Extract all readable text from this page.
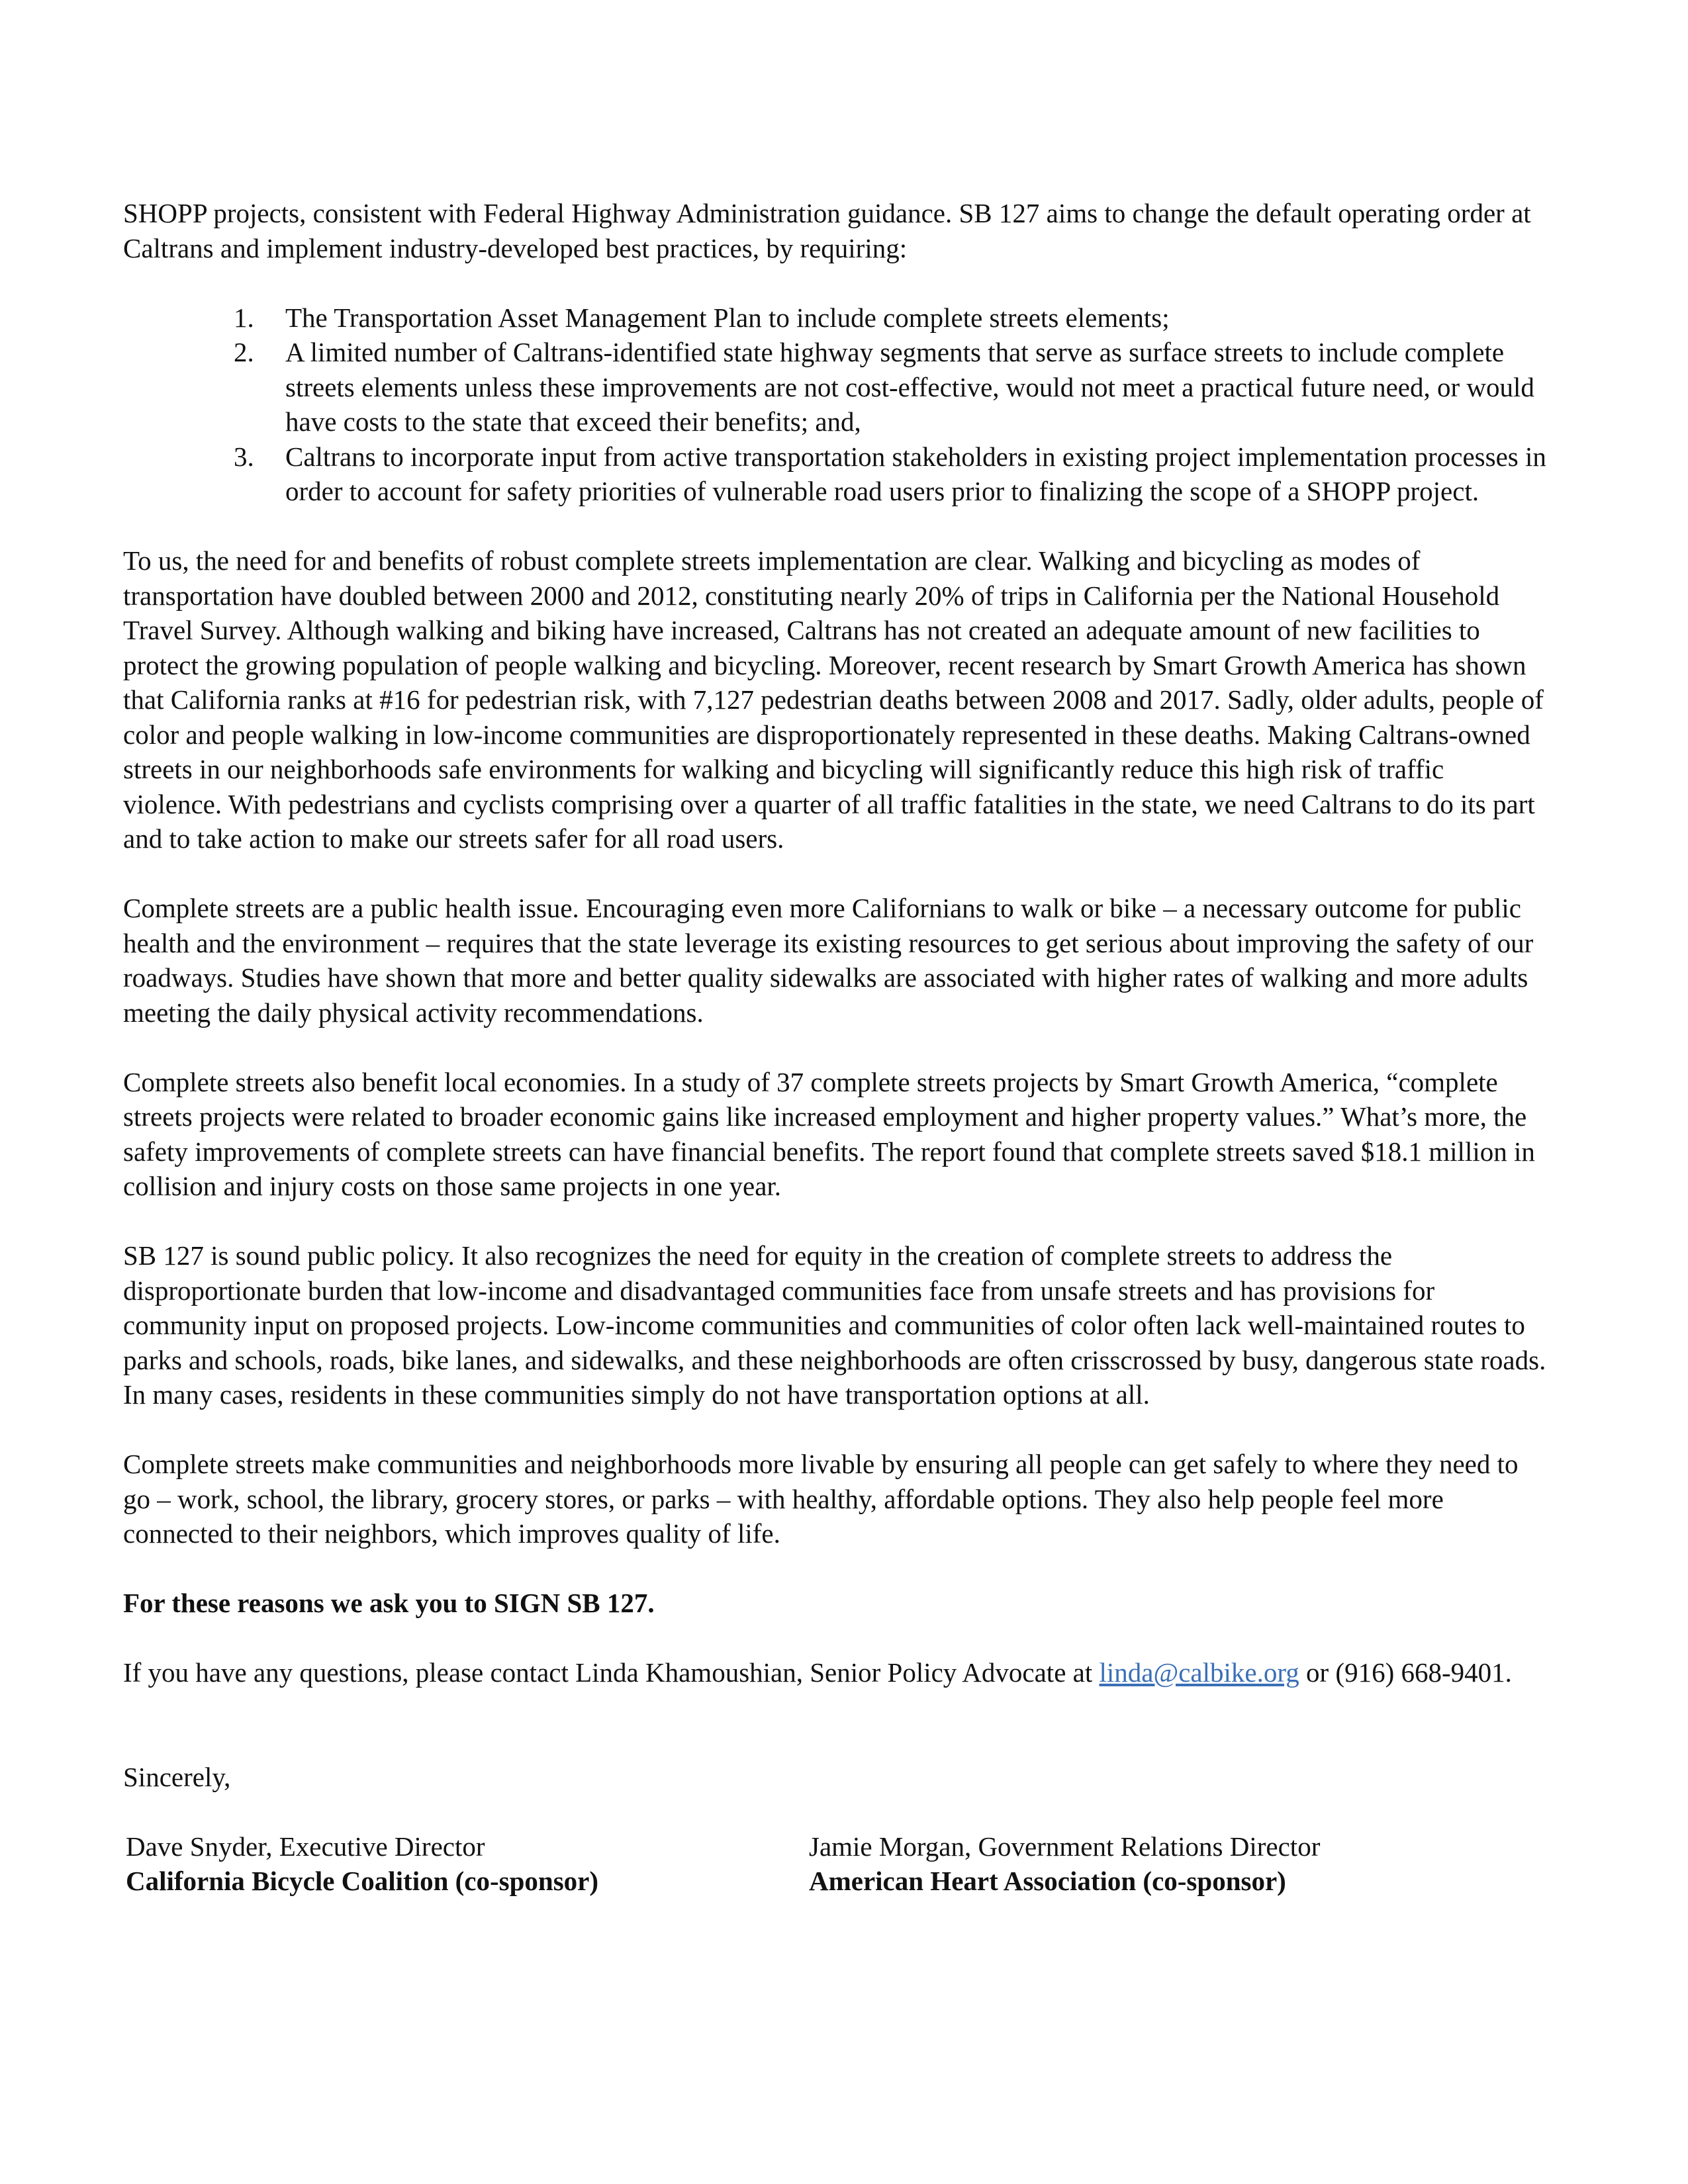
SHOPP projects, consistent with Federal Highway Administration guidance. SB 127 aims to change the default operating order at Caltrans and implement industry-developed best practices, by requiring:

1. The Transportation Asset Management Plan to include complete streets elements;
2. A limited number of Caltrans-identified state highway segments that serve as surface streets to include complete streets elements unless these improvements are not cost-effective, would not meet a practical future need, or would have costs to the state that exceed their benefits; and,
3. Caltrans to incorporate input from active transportation stakeholders in existing project implementation processes in order to account for safety priorities of vulnerable road users prior to finalizing the scope of a SHOPP project.

To us, the need for and benefits of robust complete streets implementation are clear. Walking and bicycling as modes of transportation have doubled between 2000 and 2012, constituting nearly 20% of trips in California per the National Household Travel Survey. Although walking and biking have increased, Caltrans has not created an adequate amount of new facilities to protect the growing population of people walking and bicycling. Moreover, recent research by Smart Growth America has shown that California ranks at #16 for pedestrian risk, with 7,127 pedestrian deaths between 2008 and 2017. Sadly, older adults, people of color and people walking in low-income communities are disproportionately represented in these deaths. Making Caltrans-owned streets in our neighborhoods safe environments for walking and bicycling will significantly reduce this high risk of traffic violence. With pedestrians and cyclists comprising over a quarter of all traffic fatalities in the state, we need Caltrans to do its part and to take action to make our streets safer for all road users.

Complete streets are a public health issue. Encouraging even more Californians to walk or bike – a necessary outcome for public health and the environment – requires that the state leverage its existing resources to get serious about improving the safety of our roadways. Studies have shown that more and better quality sidewalks are associated with higher rates of walking and more adults meeting the daily physical activity recommendations.

Complete streets also benefit local economies. In a study of 37 complete streets projects by Smart Growth America, “complete streets projects were related to broader economic gains like increased employment and higher property values.” What’s more, the safety improvements of complete streets can have financial benefits. The report found that complete streets saved $18.1 million in collision and injury costs on those same projects in one year.

SB 127 is sound public policy. It also recognizes the need for equity in the creation of complete streets to address the disproportionate burden that low-income and disadvantaged communities face from unsafe streets and has provisions for community input on proposed projects. Low-income communities and communities of color often lack well-maintained routes to parks and schools, roads, bike lanes, and sidewalks, and these neighborhoods are often crisscrossed by busy, dangerous state roads. In many cases, residents in these communities simply do not have transportation options at all.

Complete streets make communities and neighborhoods more livable by ensuring all people can get safely to where they need to go – work, school, the library, grocery stores, or parks – with healthy, affordable options. They also help people feel more connected to their neighbors, which improves quality of life.

For these reasons we ask you to SIGN SB 127.

If you have any questions, please contact Linda Khamoushian, Senior Policy Advocate at linda@calbike.org or (916) 668-9401.

Sincerely,

Dave Snyder, Executive Director
California Bicycle Coalition (co-sponsor)
Jamie Morgan, Government Relations Director
American Heart Association (co-sponsor)
